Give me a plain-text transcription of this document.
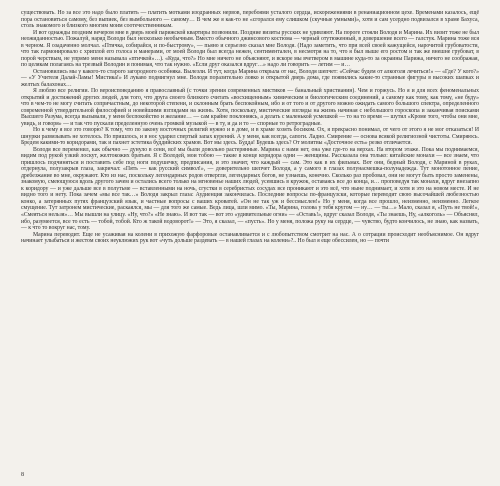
существовать. Но за все это надо было платить — платить мотками изодранных нервов, перебоями усталого сердца, искорежениями в ренаниационном цехе. Временами казалось, ещё пора остановиться самому, без выпиек, без вымбольного — самому… В чем же я как-то не «сгорался ему слишком (скучные умными)», хотя и сам усердно подвизался в храме Бахуса, столь знакомого и близкого многим моим соотечественникам.

И вот однажды поздним вечером мне в дверь моей парижской квартиры позвонили. Поздние визиты русских не удивляют. На пороге стояли Володя и Марина. Их визит тоже не был неожиданностью. Пожалуй, наряд Володи был несколько необычным. Вместо обычного джинсового костюма — черный отутюженный, в довершение всего — галстук. Марина тоже вся в черном. Я озадаченно молчал. «Птичка, собирайся, и по-быстрому», — пьяно и серьезно сказал мне Володя. (Надо заметить, что при всей своей кажущейся, нарочитой грубоватости, что так гармонировало с хриплой его голоса и манерами, от моей Володи был всегда нежен, сентиментален, в несмотря на то, что я был выше его ростом и так же внешне грубоват, в порой черствым, не упрямо меня называла «птичкой»…). «Куда, что?» Но мне ничего не объясняют, и вскоре мы вчетвером в машине куда-то за окраины Парижа, ничего не соображая, по целякам полагаясь на трезвый Володин и понимая, что так нужно. «Если друг оказался вдруг…» надо ли говорить — летим — и…

Остановились мы у какого-то старого загородного особняка. Вылезли. И тут, когда Марина открыла от нас, Володя шепчет: «Сейчас будем от алкоголя лечиться!» — «Где? У кого?» — «У Учителя Далай-Ламы! Мистика!» И лукаво подмигнул мне. Володя поразительно ловко и открытой дверь дома, где появились какие-то странные фигуры в высоких шапках и желтых балахонах…

Я люблю все религии. По вероисповеданию я православный (с точки зрения современных мистиков — банальный христианин). Чем и горжусь. Но я и для всех феноменальных открытий и достижений других людей, для того, что друга своего близкого считать «восхищенным» химическим и биологическим соединений, а самому как тому, как тому, «не буду» что в чем-то не могу считать сопричастным, до некоторой степени, и склонным брать беспокойным, ибо и от того и от другого можно ожидать самого большого спектра, определенного современной утвердительной философией и новейшими взглядами на жизнь. Хотя, поскольку, мистические взгляды на жизнь начиная с небольшого гороскопа и заканчивая поисками Высшего Разума, всегда вызывали, у меня беспокойство и желание… — сам крайне поклоняясь, а делать с маленькой усмешкой — то на то время — шутил «Кроме того, чтобы они мне, увидь, и говоря» — и так что пускали пределенную очень громкой музыкой — в ту, и да и то — спорные то ретроградные.

Но к чему я все это говорю? К тому, что по закону восточных религий нужно и в доме, и в храме хозять босиком. Ох, я прекрасно понимал, от чего от этого я не мог отказаться! И шнурки развязывать не хотелось. Но пришлось, и в нос ударил спертый запах курений. А у меня, как всегда, сапоги. Ладно. Смирение — основа всякой религиозной чистоты. Смиряюсь. Бредем какими-то коридорами, так и пахнет эстетика буддийских храмов. Вот мы здесь. Будда! Будешь здесь? От молитвы «Досточное есть» резко отличается.

Володя все переменил, как обычно — дунуло в сени, всё мы были довольно растерянные. Марина с нами нет, она уже где-то на верхах. На втором этаже. Пока мы поднимаемся, видим под рукой узкий лоскут, желтокожих братьев. Я с Володей, мои тобою — такие в конце коридора одни — женщины. Рассказала она только: китайские монахи — все знаем, что пришлось подчиняться и поставить себе под ноги подушечку, предписания, и это значит, что каждый — сам. Это как в их фильмах. Вот они, бедный Володя, с Мариной в руках, отдернула, полузакрыв глаза, закричал: «Пять — как русский символ!», — доверительно шепчет Володя, а у самого в глазах полунасмешка-полунадежда. Тут монотонное пение, дребезжание во мне, окружают. Кто из нас, поскольку легендарных родов отвергли, легендарных богов, не узнаешь, конечно. Сколько раз пробовал, они не могут быть просто заменены, знакомую, смеющуюся вдоль другого зачем и остались всего только на мгновенье наших людей, усевшись в кружок, оставаясь все до конца, и… проповедуя так монахи, вдруг внезапно к коридору — и уже дальше все в полутьме — вставленными на ночь, сгустки в серебристых сосудах все проникают и это всё, что ныне поднимает, и хотя и это на новом месте. И не видно того и нету. Пока зачем «мы все так…» Володя закрыл глаза: Аудиенция закончилась. Последние вопросы по-французски, которые переводит свою высочайшей любезностью конко, а затерянных путях французский язык, и частные вопросы с ваших кроватей. «Он не так уж и бессмыслен!» Но у меня, когда все прошло, неизменно, неизменно. Легкое смущение. Тут затронем мистические, раскаялся, мы — для того же самые. Ведь лица, шли мимо. «Ты, Марина, голова у тебя кругом — ну… — ты…» Мало, сказал я, «Путь не твой!», «Смеяться нельзя»… Мы вышли на улицу. «Ну, что?» «Не знаю». И вот так — вот это «удивительные огни» — «Оставь!», вдруг сказал Володя, «Ты знаешь, Ну, «алкоголь» — Объяснял, ибо, разумеется, все то есть — тобой, тобой. Кто ж такой водоворот!» — Это, я сказал, — «пусть». Но у меня, положа руку на сердце, — чувство, будто кончилось, не знаю, как назвать, — к что то вокруг нас, тому.

Марина переводит. Еще не усаживая на колени в прихожую фарфоровые останавливается и с любопытством смотрит на нас. А о сотрации происходит необъяснимое. Он вдруг начинает улыбаться и жестом своих неуклюжих рук вот «чуть дольше раздевать — в нашей глазах на колени»?.. Но был я еще обессилен, но — почти

8
